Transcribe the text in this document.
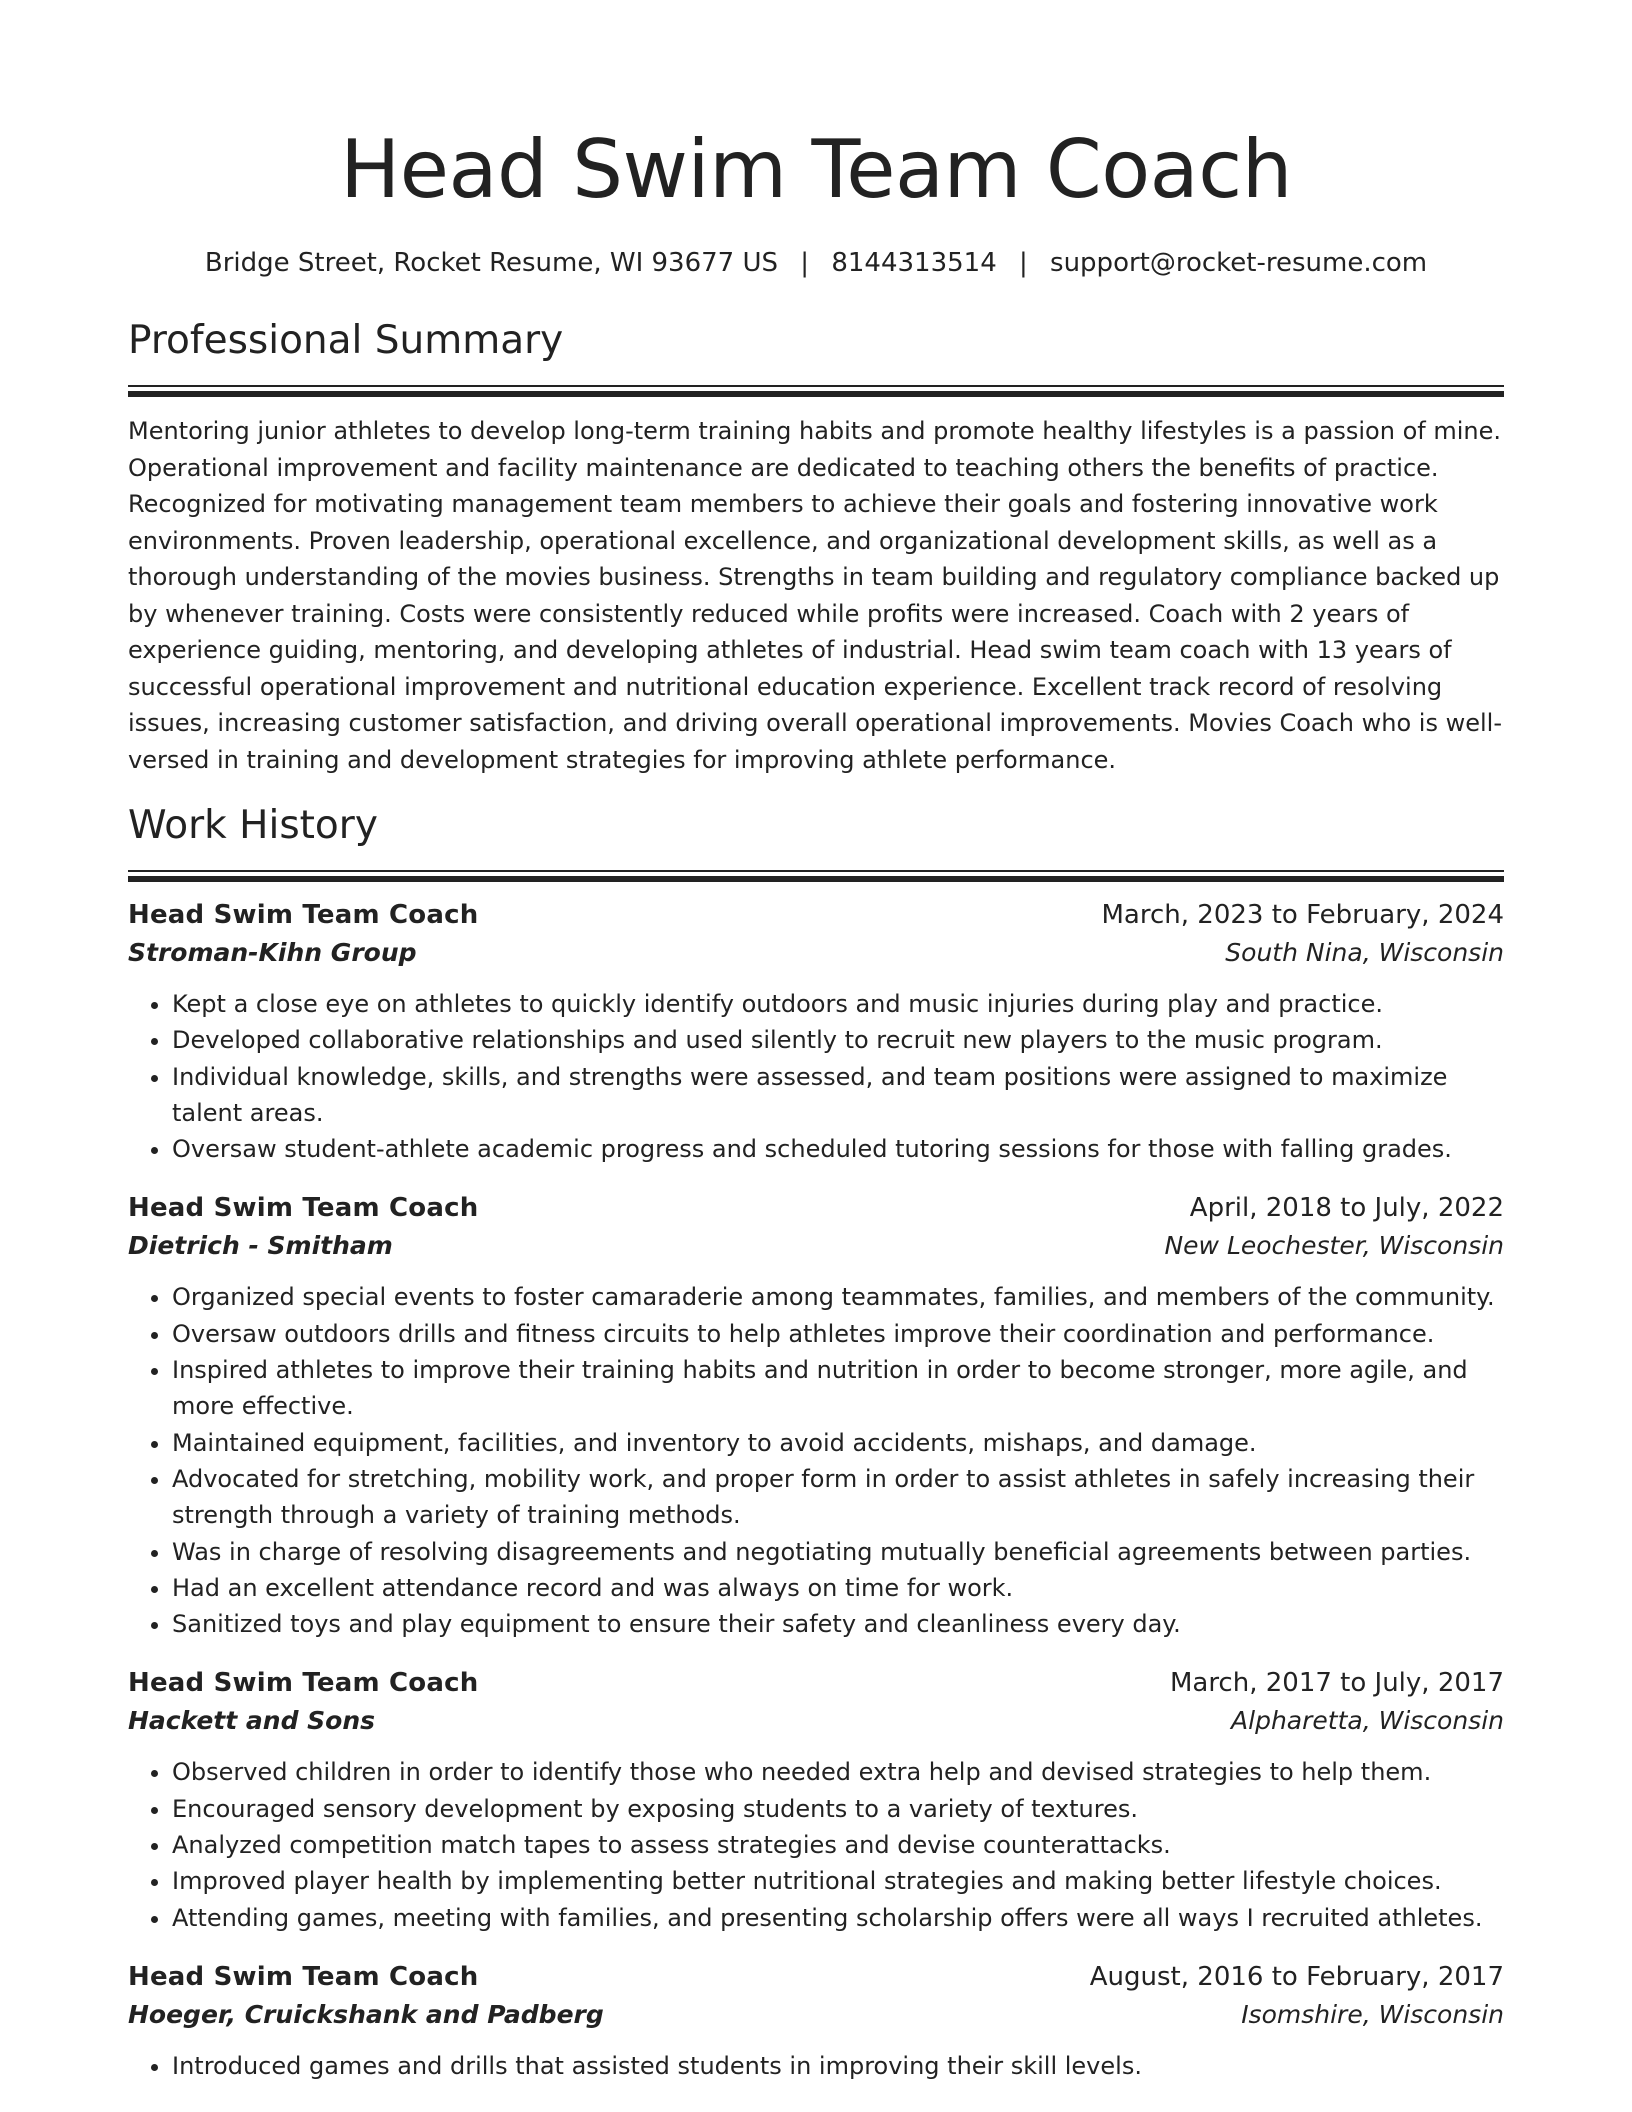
Head Swim Team Coach
Bridge Street, Rocket Resume, WI 93677 US | 8144313514 | support@rocket-resume.com
Professional Summary

Mentoring junior athletes to develop long-term training habits and promote healthy lifestyles is a passion of mine. Operational improvement and facility maintenance are dedicated to teaching others the benefits of practice. Recognized for motivating management team members to achieve their goals and fostering innovative work environments. Proven leadership, operational excellence, and organizational development skills, as well as a thorough understanding of the movies business. Strengths in team building and regulatory compliance backed up by whenever training. Costs were consistently reduced while profits were increased. Coach with 2 years of experience guiding, mentoring, and developing athletes of industrial. Head swim team coach with 13 years of successful operational improvement and nutritional education experience. Excellent track record of resolving issues, increasing customer satisfaction, and driving overall operational improvements. Movies Coach who is well-versed in training and development strategies for improving athlete performance.

Work History
Head Swim Team Coach	March, 2023 to February, 2024
Stroman-Kihn Group	South Nina, Wisconsin
• Kept a close eye on athletes to quickly identify outdoors and music injuries during play and practice.
• Developed collaborative relationships and used silently to recruit new players to the music program.
• Individual knowledge, skills, and strengths were assessed, and team positions were assigned to maximize talent areas.
• Oversaw student-athlete academic progress and scheduled tutoring sessions for those with falling grades.
Head Swim Team Coach	April, 2018 to July, 2022
Dietrich - Smitham	New Leochester, Wisconsin
• Organized special events to foster camaraderie among teammates, families, and members of the community.
• Oversaw outdoors drills and fitness circuits to help athletes improve their coordination and performance.
• Inspired athletes to improve their training habits and nutrition in order to become stronger, more agile, and more effective.
• Maintained equipment, facilities, and inventory to avoid accidents, mishaps, and damage.
• Advocated for stretching, mobility work, and proper form in order to assist athletes in safely increasing their strength through a variety of training methods.
• Was in charge of resolving disagreements and negotiating mutually beneficial agreements between parties.
• Had an excellent attendance record and was always on time for work.
• Sanitized toys and play equipment to ensure their safety and cleanliness every day.
Head Swim Team Coach	March, 2017 to July, 2017
Hackett and Sons	Alpharetta, Wisconsin
• Observed children in order to identify those who needed extra help and devised strategies to help them.
• Encouraged sensory development by exposing students to a variety of textures.
• Analyzed competition match tapes to assess strategies and devise counterattacks.
• Improved player health by implementing better nutritional strategies and making better lifestyle choices.
• Attending games, meeting with families, and presenting scholarship offers were all ways I recruited athletes.
Head Swim Team Coach	August, 2016 to February, 2017
Hoeger, Cruickshank and Padberg	Isomshire, Wisconsin
• Introduced games and drills that assisted students in improving their skill levels.
